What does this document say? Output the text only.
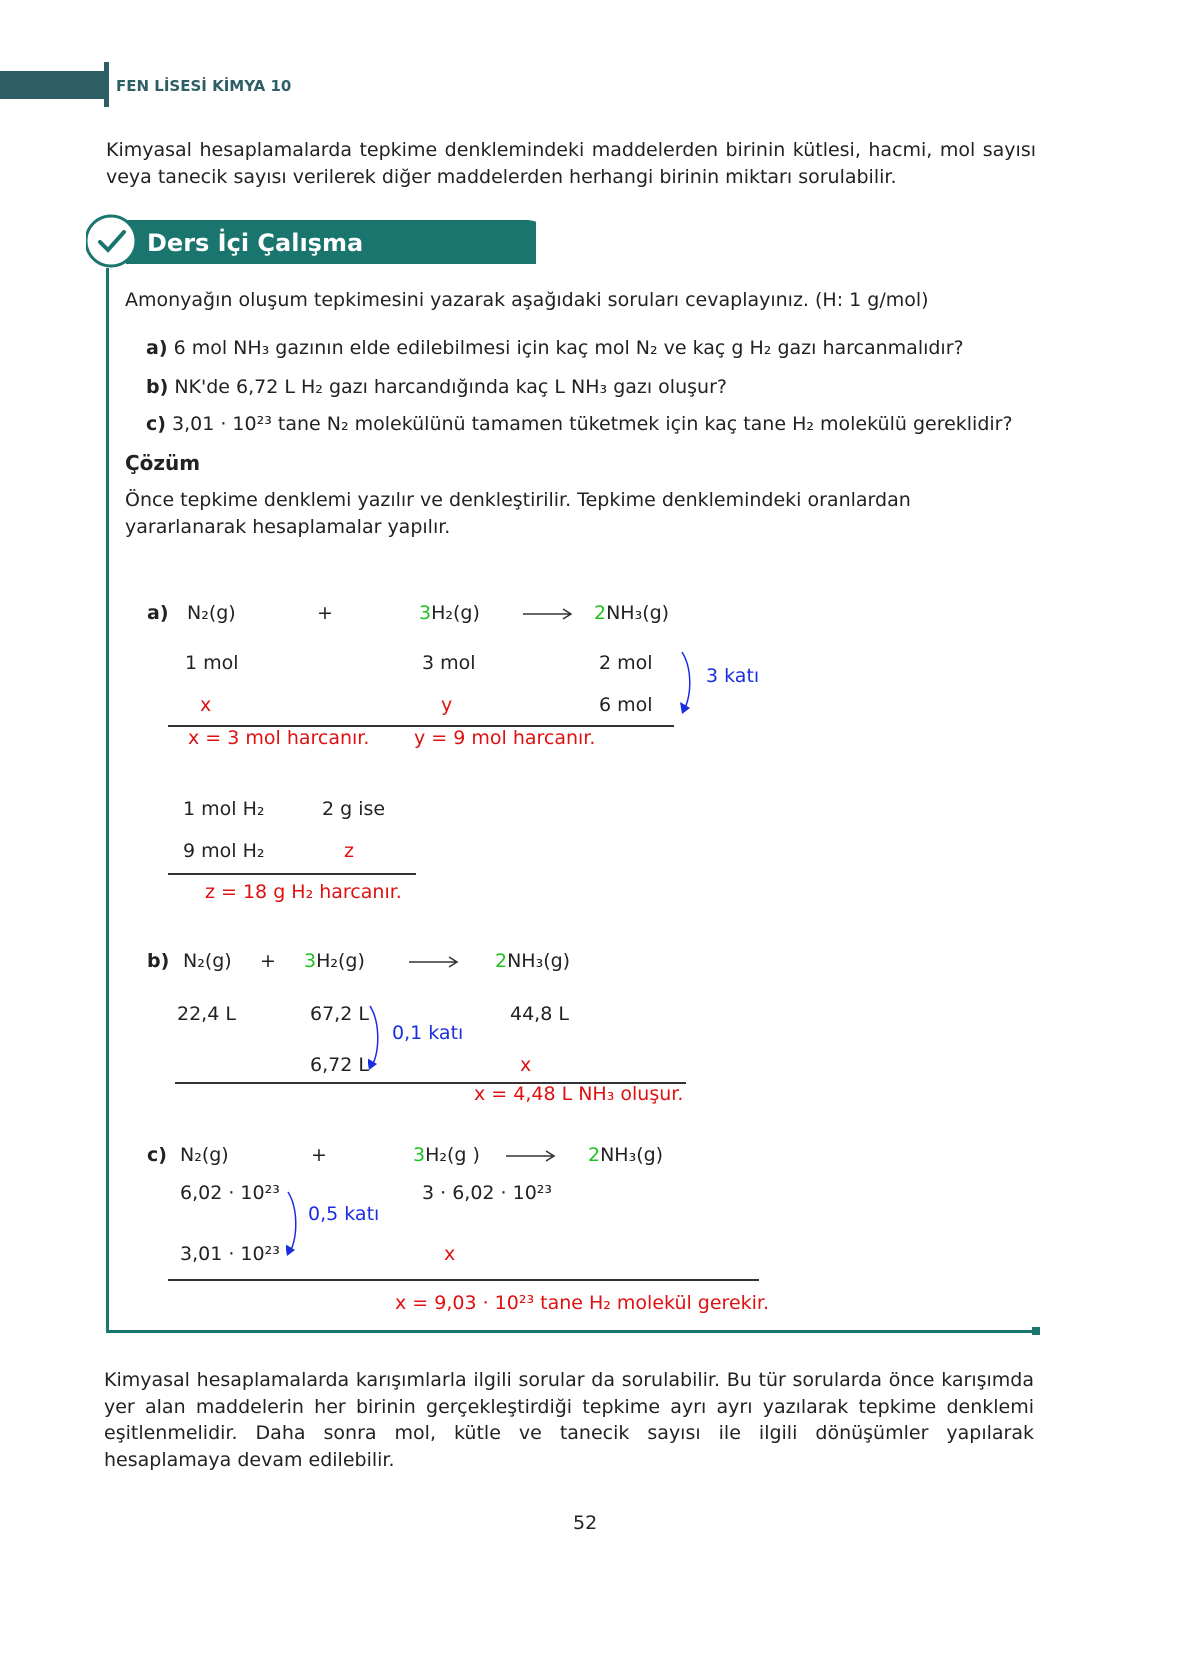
FEN LİSESİ KİMYA 10
Kimyasal hesaplamalarda tepkime denklemindeki maddelerden birinin kütlesi, hacmi, mol sayısı veya tanecik sayısı verilerek diğer maddelerden herhangi birinin miktarı sorulabilir.
Ders İçi Çalışma
Amonyağın oluşum tepkimesini yazarak aşağıdaki soruları cevaplayınız. (H: 1 g/mol)
a) 6 mol NH₃ gazının elde edilebilmesi için kaç mol N₂ ve kaç g H₂ gazı harcanmalıdır?
b) NK'de 6,72 L H₂ gazı harcandığında kaç L NH₃ gazı oluşur?
c) 3,01 · 10²³ tane N₂ molekülünü tamamen tüketmek için kaç tane H₂ molekülü gereklidir?
Çözüm
Önce tepkime denklemi yazılır ve denkleştirilir. Tepkime denklemindeki oranlardan yararlanarak hesaplamalar yapılır.
a) N₂(g)	+	3H₂(g)	→ 2NH₃(g)
1 mol	3 mol	2 mol
x	y	6 mol
3 katı
x = 3 mol harcanır. y = 9 mol harcanır.
1 mol H₂	2 g ise
9 mol H₂	z
z = 18 g H₂ harcanır.
b) N₂(g) + 3H₂(g)	2NH₃(g)
22,4 L	67,2 L	44,8 L
0,1 katı
6,72 L	x
x = 4,48 L NH₃ oluşur.
c) N₂(g)	+	3H₂(g )	2NH₃(g)
6,02 · 10²³	3 · 6,02 · 10²³
0,5 katı
3,01 · 10²³	x
x = 9,03 · 10²³ tane H₂ molekül gerekir.
Kimyasal hesaplamalarda karışımlarla ilgili sorular da sorulabilir. Bu tür sorularda önce karışımda yer alan maddelerin her birinin gerçekleştirdiği tepkime ayrı ayrı yazılarak tepkime denklemi eşitlenmelidir. Daha sonra mol, kütle ve tanecik sayısı ile ilgili dönüşümler yapılarak hesaplamaya devam edilebilir.
52
